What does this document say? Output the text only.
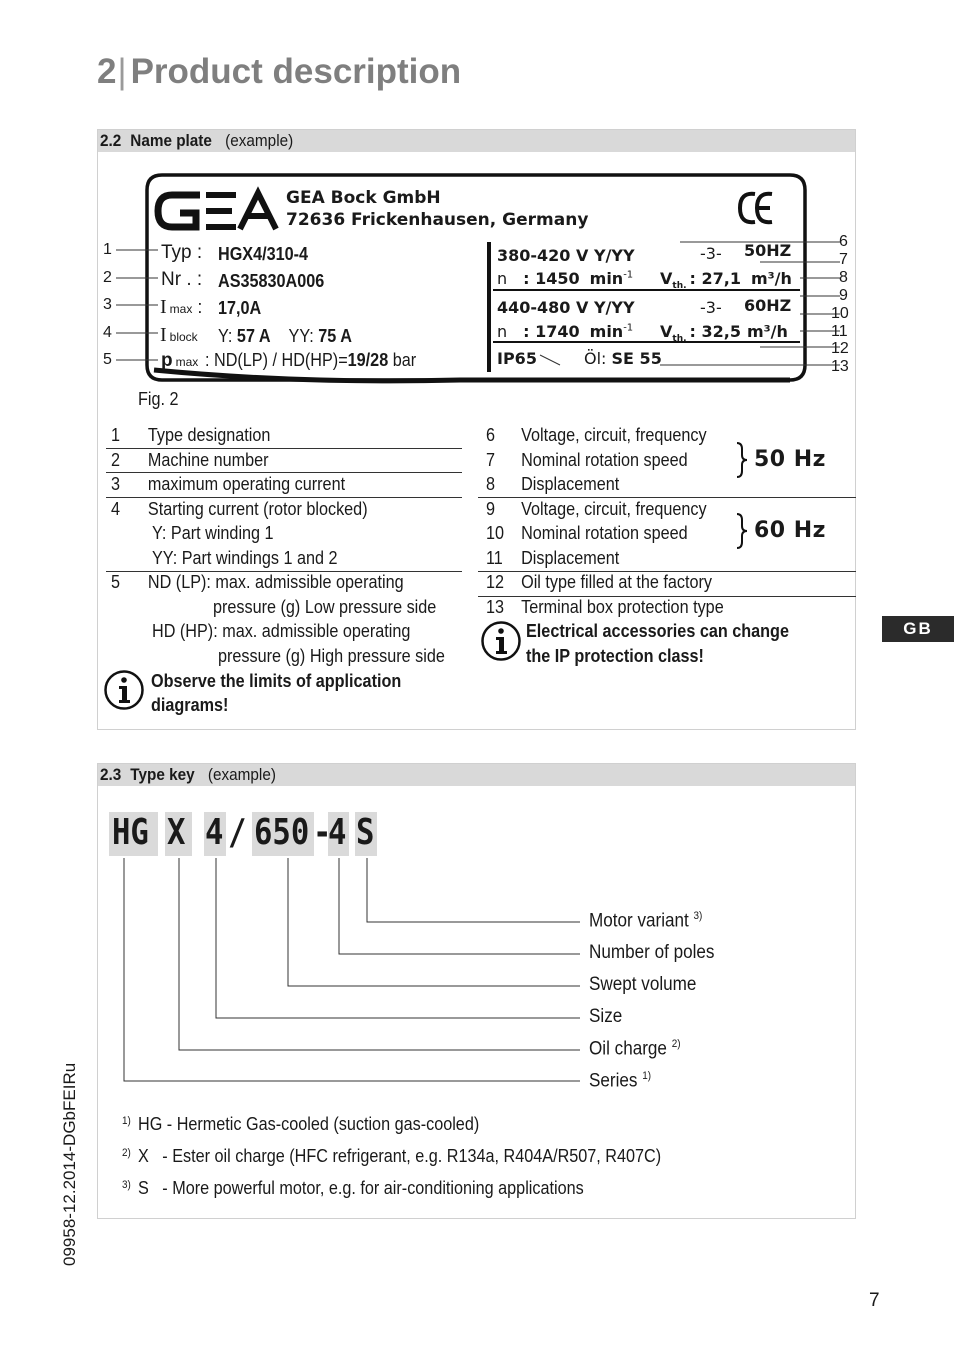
2| Product description
2.2 Name plate (example)
GEA Bock GmbH
72636 Frickenhausen, Germany
1
2
3
4
5
6
7
8
9
10
11
12
13
Typ : HGX4/310-4
Nr . : AS35830A006
Imax : 17,0A
Iblock Y: 57 A YY: 75 A
pmax : ND(LP) / HD(HP)=19/28 bar
380-420 V Y/YY	-3- 50HZ
n : 1450 $\min^{-1} V_{th.}$ : 27,1 m³/h
440-480 V Y/YY	-3- 60HZ
n : 1740 $\min^{-1} V_{th.}$ : 32,5 m³/h
IP65	Öl: SE 55
Fig. 2
1 Type designation
2 Machine number
3 maximum operating current
4 Starting current (rotor blocked)
Y: Part winding 1
YY: Part windings 1 and 2
5 ND (LP): max. admissible operating
pressure (g) Low pressure side
HD (HP): max. admissible operating
pressure (g) High pressure side
Observe the limits of application
diagrams!
6 Voltage, circuit, frequency
7 Nominal rotation speed
8 Displacement
9 Voltage, circuit, frequency
10 Nominal rotation speed
11 Displacement
12 Oil type filled at the factory
13 Terminal box protection type
50 Hz
60 Hz
Electrical accessories can change
the IP protection class!
GB
2.3 Type key (example)
HG X 4 / 650 -
4 S
Motor variant $^{3)}$
Number of poles
Swept volume
Size
Oil charge $^{2)}$
Series $^{1)}$
$^{1)}$ HG - Hermetic Gas-cooled (suction gas-cooled)
$^{2)}$ X   - Ester oil charge (HFC refrigerant, e.g. R134a, R404A/R507, R407C)
$^{3)}$ S   - More powerful motor, e.g. for air-conditioning applications
09958-12.2014-DGbFEIRu
7
